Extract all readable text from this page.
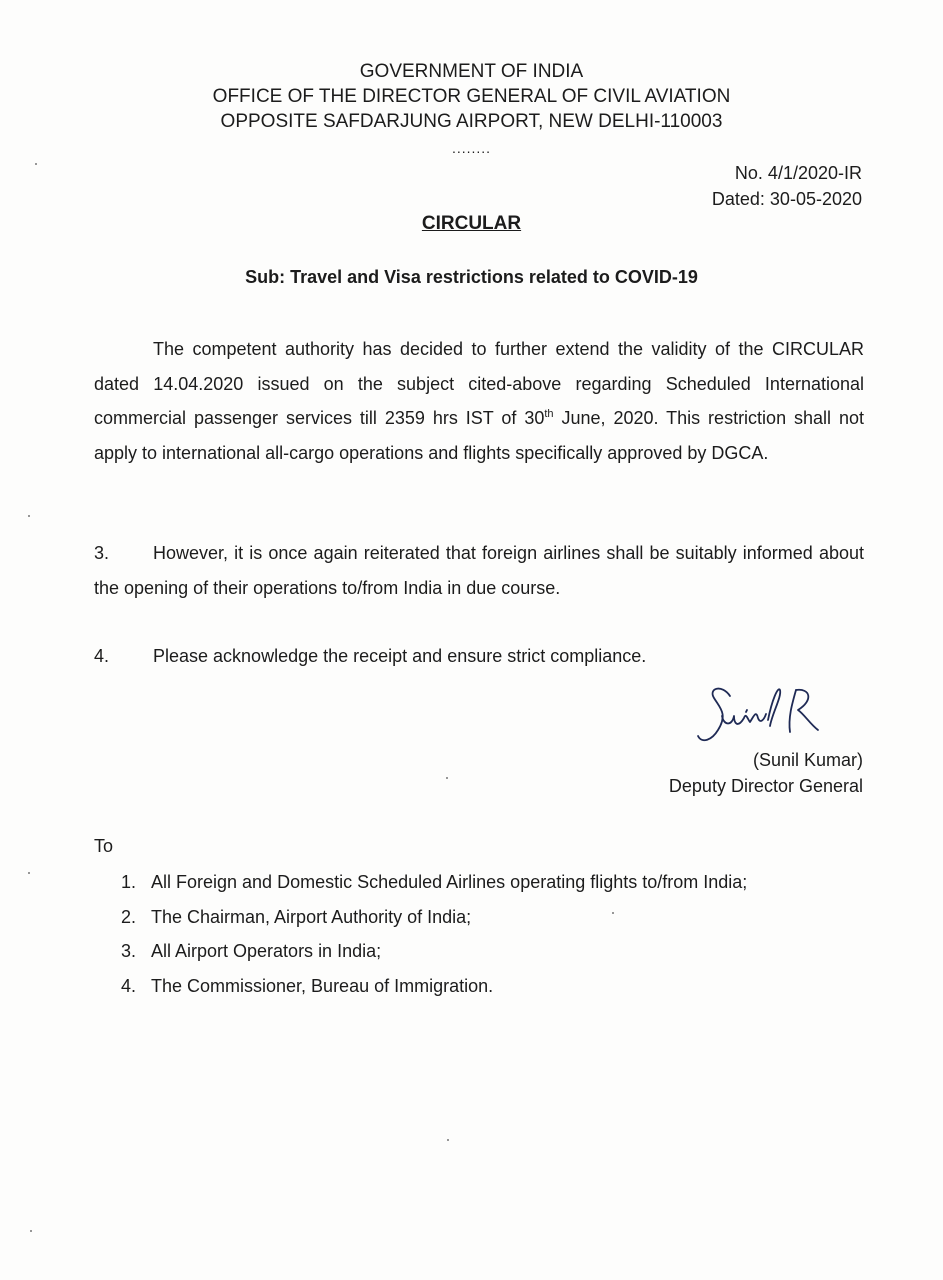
GOVERNMENT OF INDIA
OFFICE OF THE DIRECTOR GENERAL OF CIVIL AVIATION
OPPOSITE SAFDARJUNG AIRPORT, NEW DELHI-110003
........
No. 4/1/2020-IR
Dated: 30-05-2020
CIRCULAR
Sub: Travel and Visa restrictions related to COVID-19
The competent authority has decided to further extend the validity of the CIRCULAR dated 14.04.2020 issued on the subject cited-above regarding Scheduled International commercial passenger services till 2359 hrs IST of 30th June, 2020. This restriction shall not apply to international all-cargo operations and flights specifically approved by DGCA.
3. However, it is once again reiterated that foreign airlines shall be suitably informed about the opening of their operations to/from India in due course.
4. Please acknowledge the receipt and ensure strict compliance.
(Sunil Kumar)
Deputy Director General
To
1. All Foreign and Domestic Scheduled Airlines operating flights to/from India;
2. The Chairman, Airport Authority of India;
3. All Airport Operators in India;
4. The Commissioner, Bureau of Immigration.
